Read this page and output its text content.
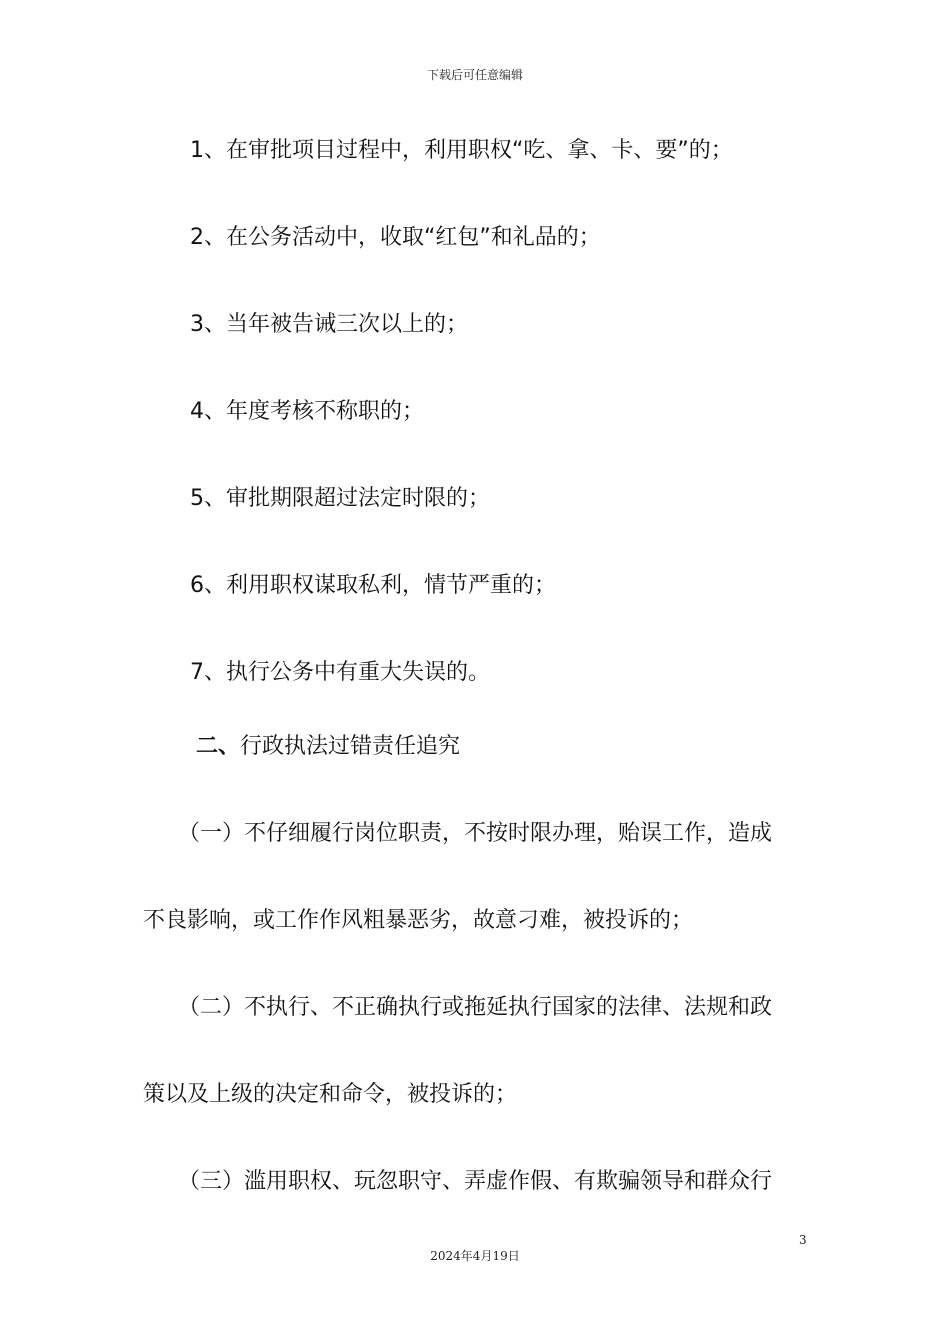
下载后可任意编辑
1、在审批项目过程中，利用职权“吃、拿、卡、要”的；
2、在公务活动中，收取“红包”和礼品的；
3、当年被告诫三次以上的；
4、年度考核不称职的；
5、审批期限超过法定时限的；
6、利用职权谋取私利，情节严重的；
7、执行公务中有重大失误的。
二、行政执法过错责任追究
（一）不仔细履行岗位职责，不按时限办理，贻误工作，造成
不良影响，或工作作风粗暴恶劣，故意刁难，被投诉的；
（二）不执行、不正确执行或拖延执行国家的法律、法规和政
策以及上级的决定和命令，被投诉的；
（三）滥用职权、玩忽职守、弄虚作假、有欺骗领导和群众行
3
2024年4月19日
